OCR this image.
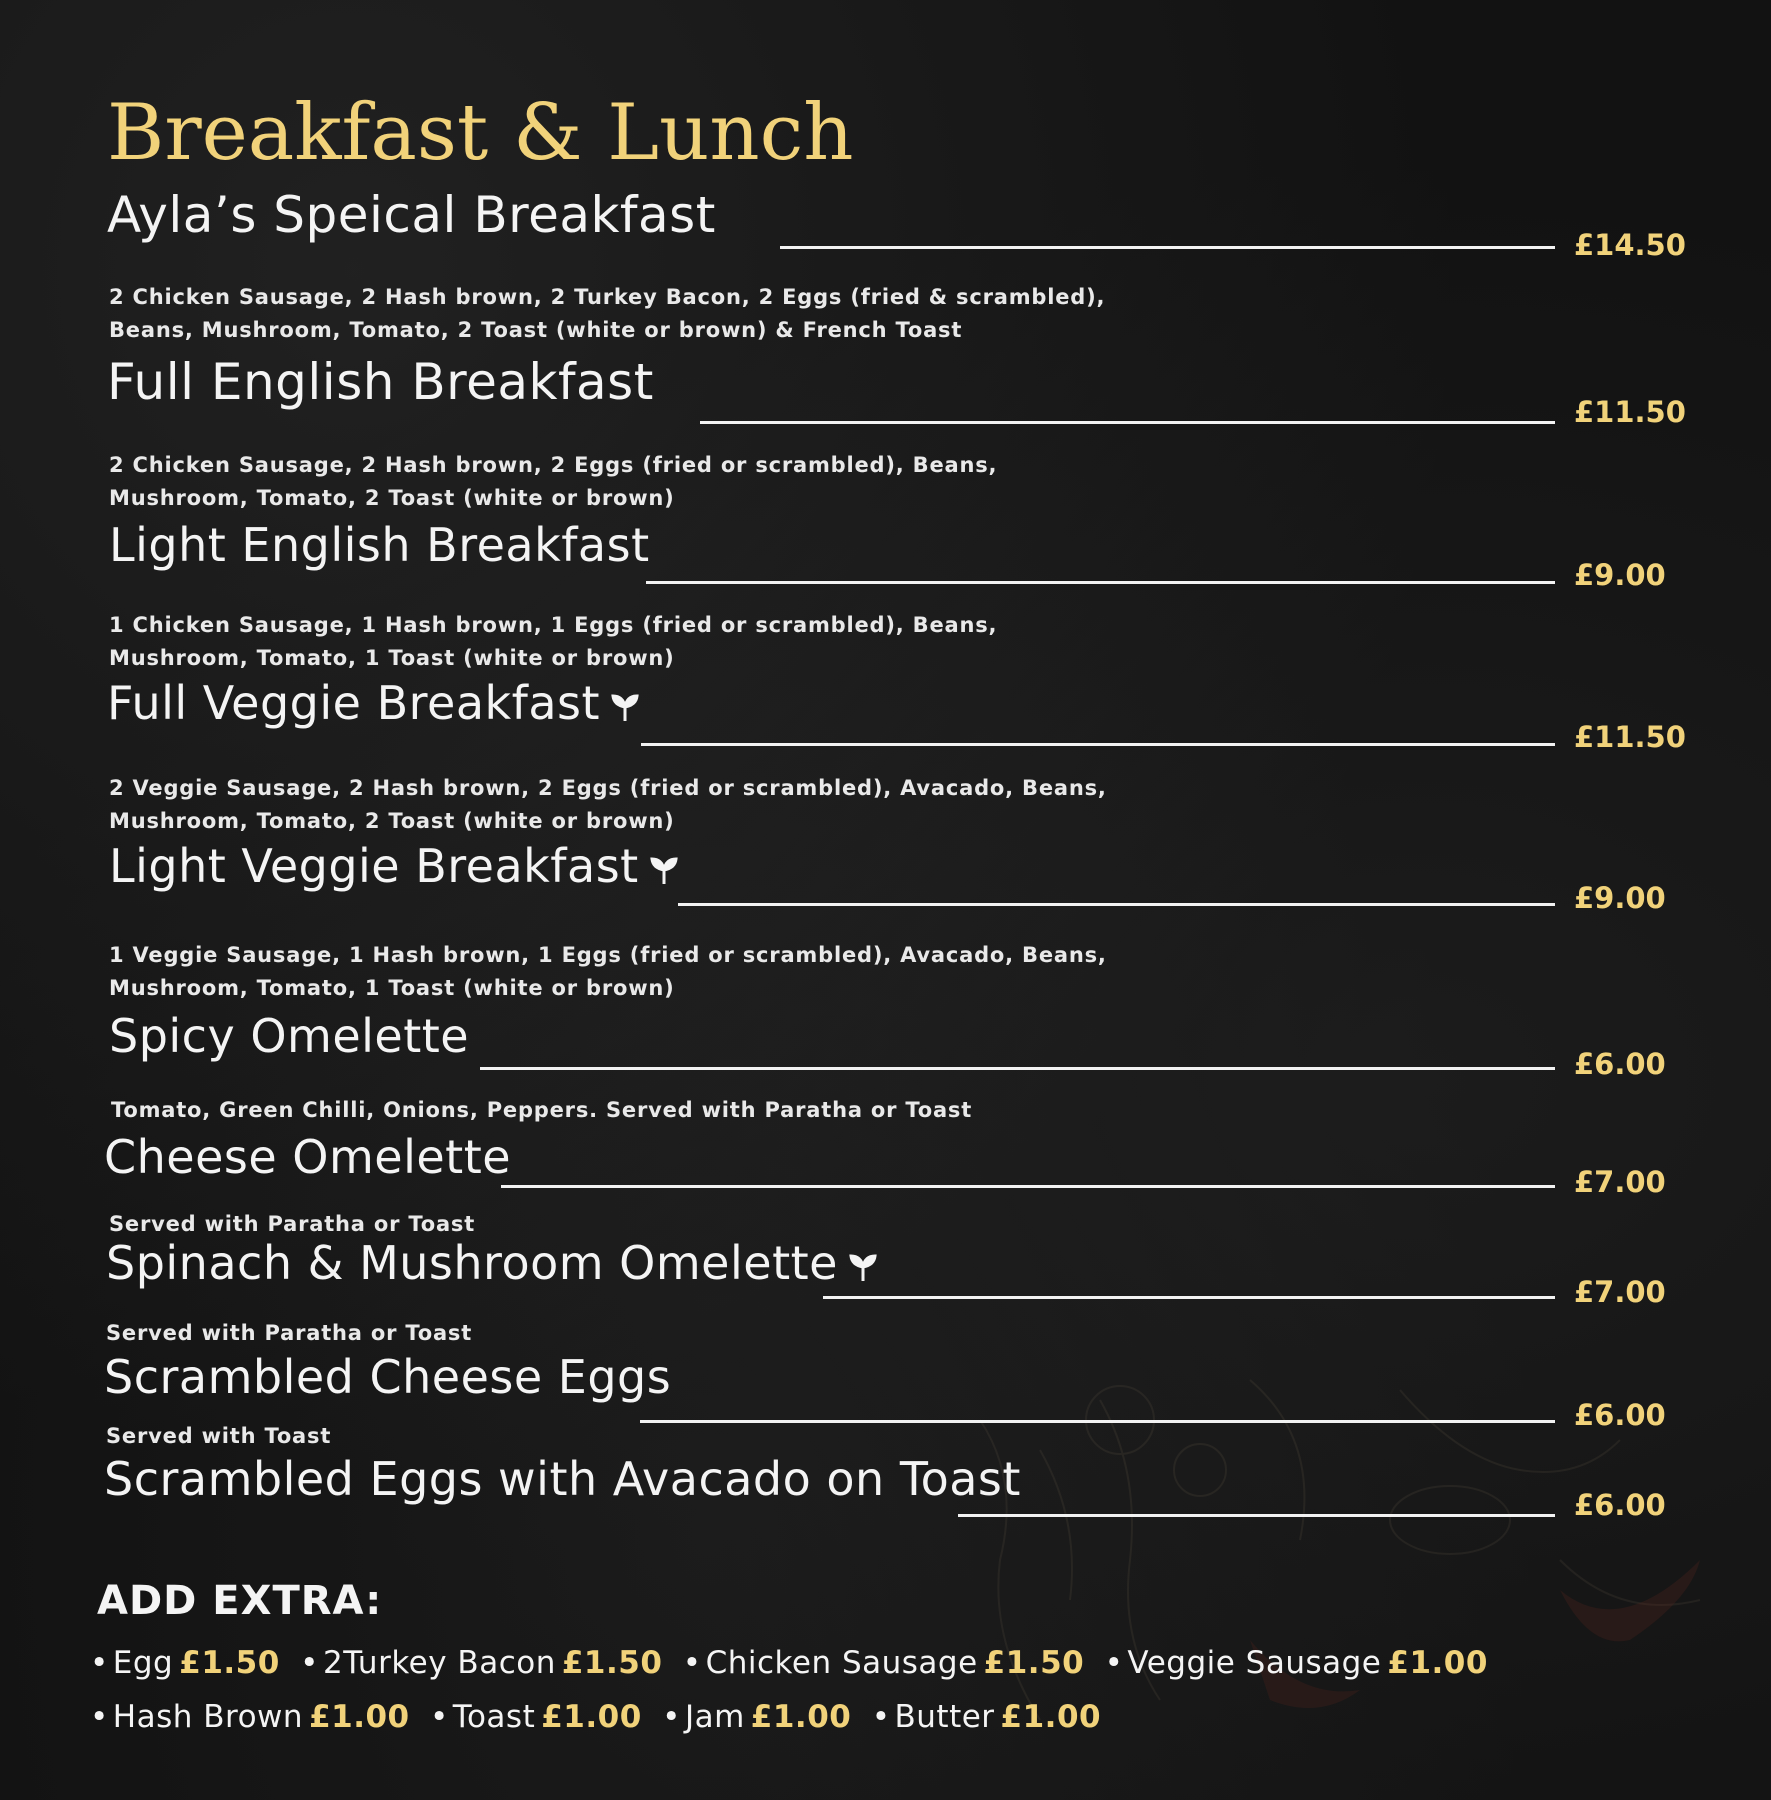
Breakfast & Lunch
Ayla’s Speical Breakfast
£14.50
2 Chicken Sausage, 2 Hash brown, 2 Turkey Bacon, 2 Eggs (fried & scrambled),
Beans, Mushroom, Tomato, 2 Toast (white or brown) & French Toast
Full English Breakfast
£11.50
2 Chicken Sausage, 2 Hash brown, 2 Eggs (fried or scrambled), Beans,
Mushroom, Tomato, 2 Toast (white or brown)
Light English Breakfast
£9.00
1 Chicken Sausage, 1 Hash brown, 1 Eggs (fried or scrambled), Beans,
Mushroom, Tomato, 1 Toast (white or brown)
Full Veggie Breakfast
£11.50
2 Veggie Sausage, 2 Hash brown, 2 Eggs (fried or scrambled), Avacado, Beans,
Mushroom, Tomato, 2 Toast (white or brown)
Light Veggie Breakfast
£9.00
1 Veggie Sausage, 1 Hash brown, 1 Eggs (fried or scrambled), Avacado, Beans,
Mushroom, Tomato, 1 Toast (white or brown)
Spicy Omelette
£6.00
Tomato, Green Chilli, Onions, Peppers. Served with Paratha or Toast
Cheese Omelette	£7.00
Served with Paratha or Toast
Spinach & Mushroom Omelette
£7.00
Served with Paratha or Toast
Scrambled Cheese Eggs
£6.00
Served with Toast
Scrambled Eggs with Avacado on Toast	£6.00
ADD EXTRA:
• Egg £1.50 • 2Turkey Bacon £1.50 • Chicken Sausage £1.50 • Veggie Sausage £1.00
• Hash Brown £1.00 • Toast £1.00 • Jam £1.00 • Butter £1.00
